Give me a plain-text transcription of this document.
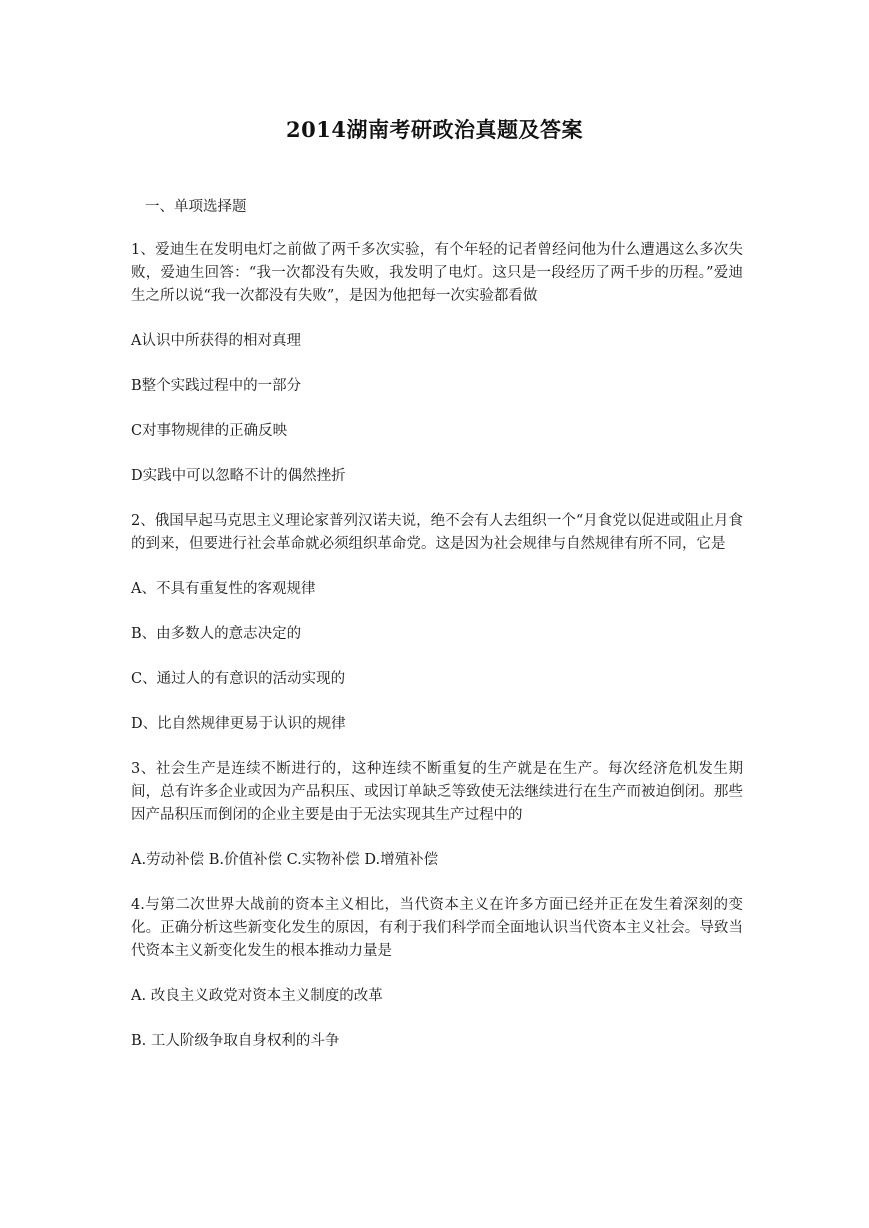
2014湖南考研政治真题及答案
一、单项选择题

1、爱迪生在发明电灯之前做了两千多次实验，有个年轻的记者曾经问他为什么遭遇这么多次失败，爱迪生回答：“我一次都没有失败，我发明了电灯。这只是一段经历了两千步的历程。”爱迪生之所以说“我一次都没有失败”，是因为他把每一次实验都看做

A认识中所获得的相对真理

B整个实践过程中的一部分

C对事物规律的正确反映

D实践中可以忽略不计的偶然挫折

2、俄国早起马克思主义理论家普列汉诺夫说，绝不会有人去组织一个“月食党以促进或阻止月食的到来，但要进行社会革命就必须组织革命党。这是因为社会规律与自然规律有所不同，它是

A、不具有重复性的客观规律

B、由多数人的意志决定的

C、通过人的有意识的活动实现的

D、比自然规律更易于认识的规律

3、社会生产是连续不断进行的，这种连续不断重复的生产就是在生产。每次经济危机发生期间，总有许多企业或因为产品积压、或因订单缺乏等致使无法继续进行在生产而被迫倒闭。那些因产品积压而倒闭的企业主要是由于无法实现其生产过程中的

A.劳动补偿 B.价值补偿 C.实物补偿 D.增殖补偿

4.与第二次世界大战前的资本主义相比，当代资本主义在许多方面已经并正在发生着深刻的变化。正确分析这些新变化发生的原因，有利于我们科学而全面地认识当代资本主义社会。导致当代资本主义新变化发生的根本推动力量是

A. 改良主义政党对资本主义制度的改革

B. 工人阶级争取自身权利的斗争
